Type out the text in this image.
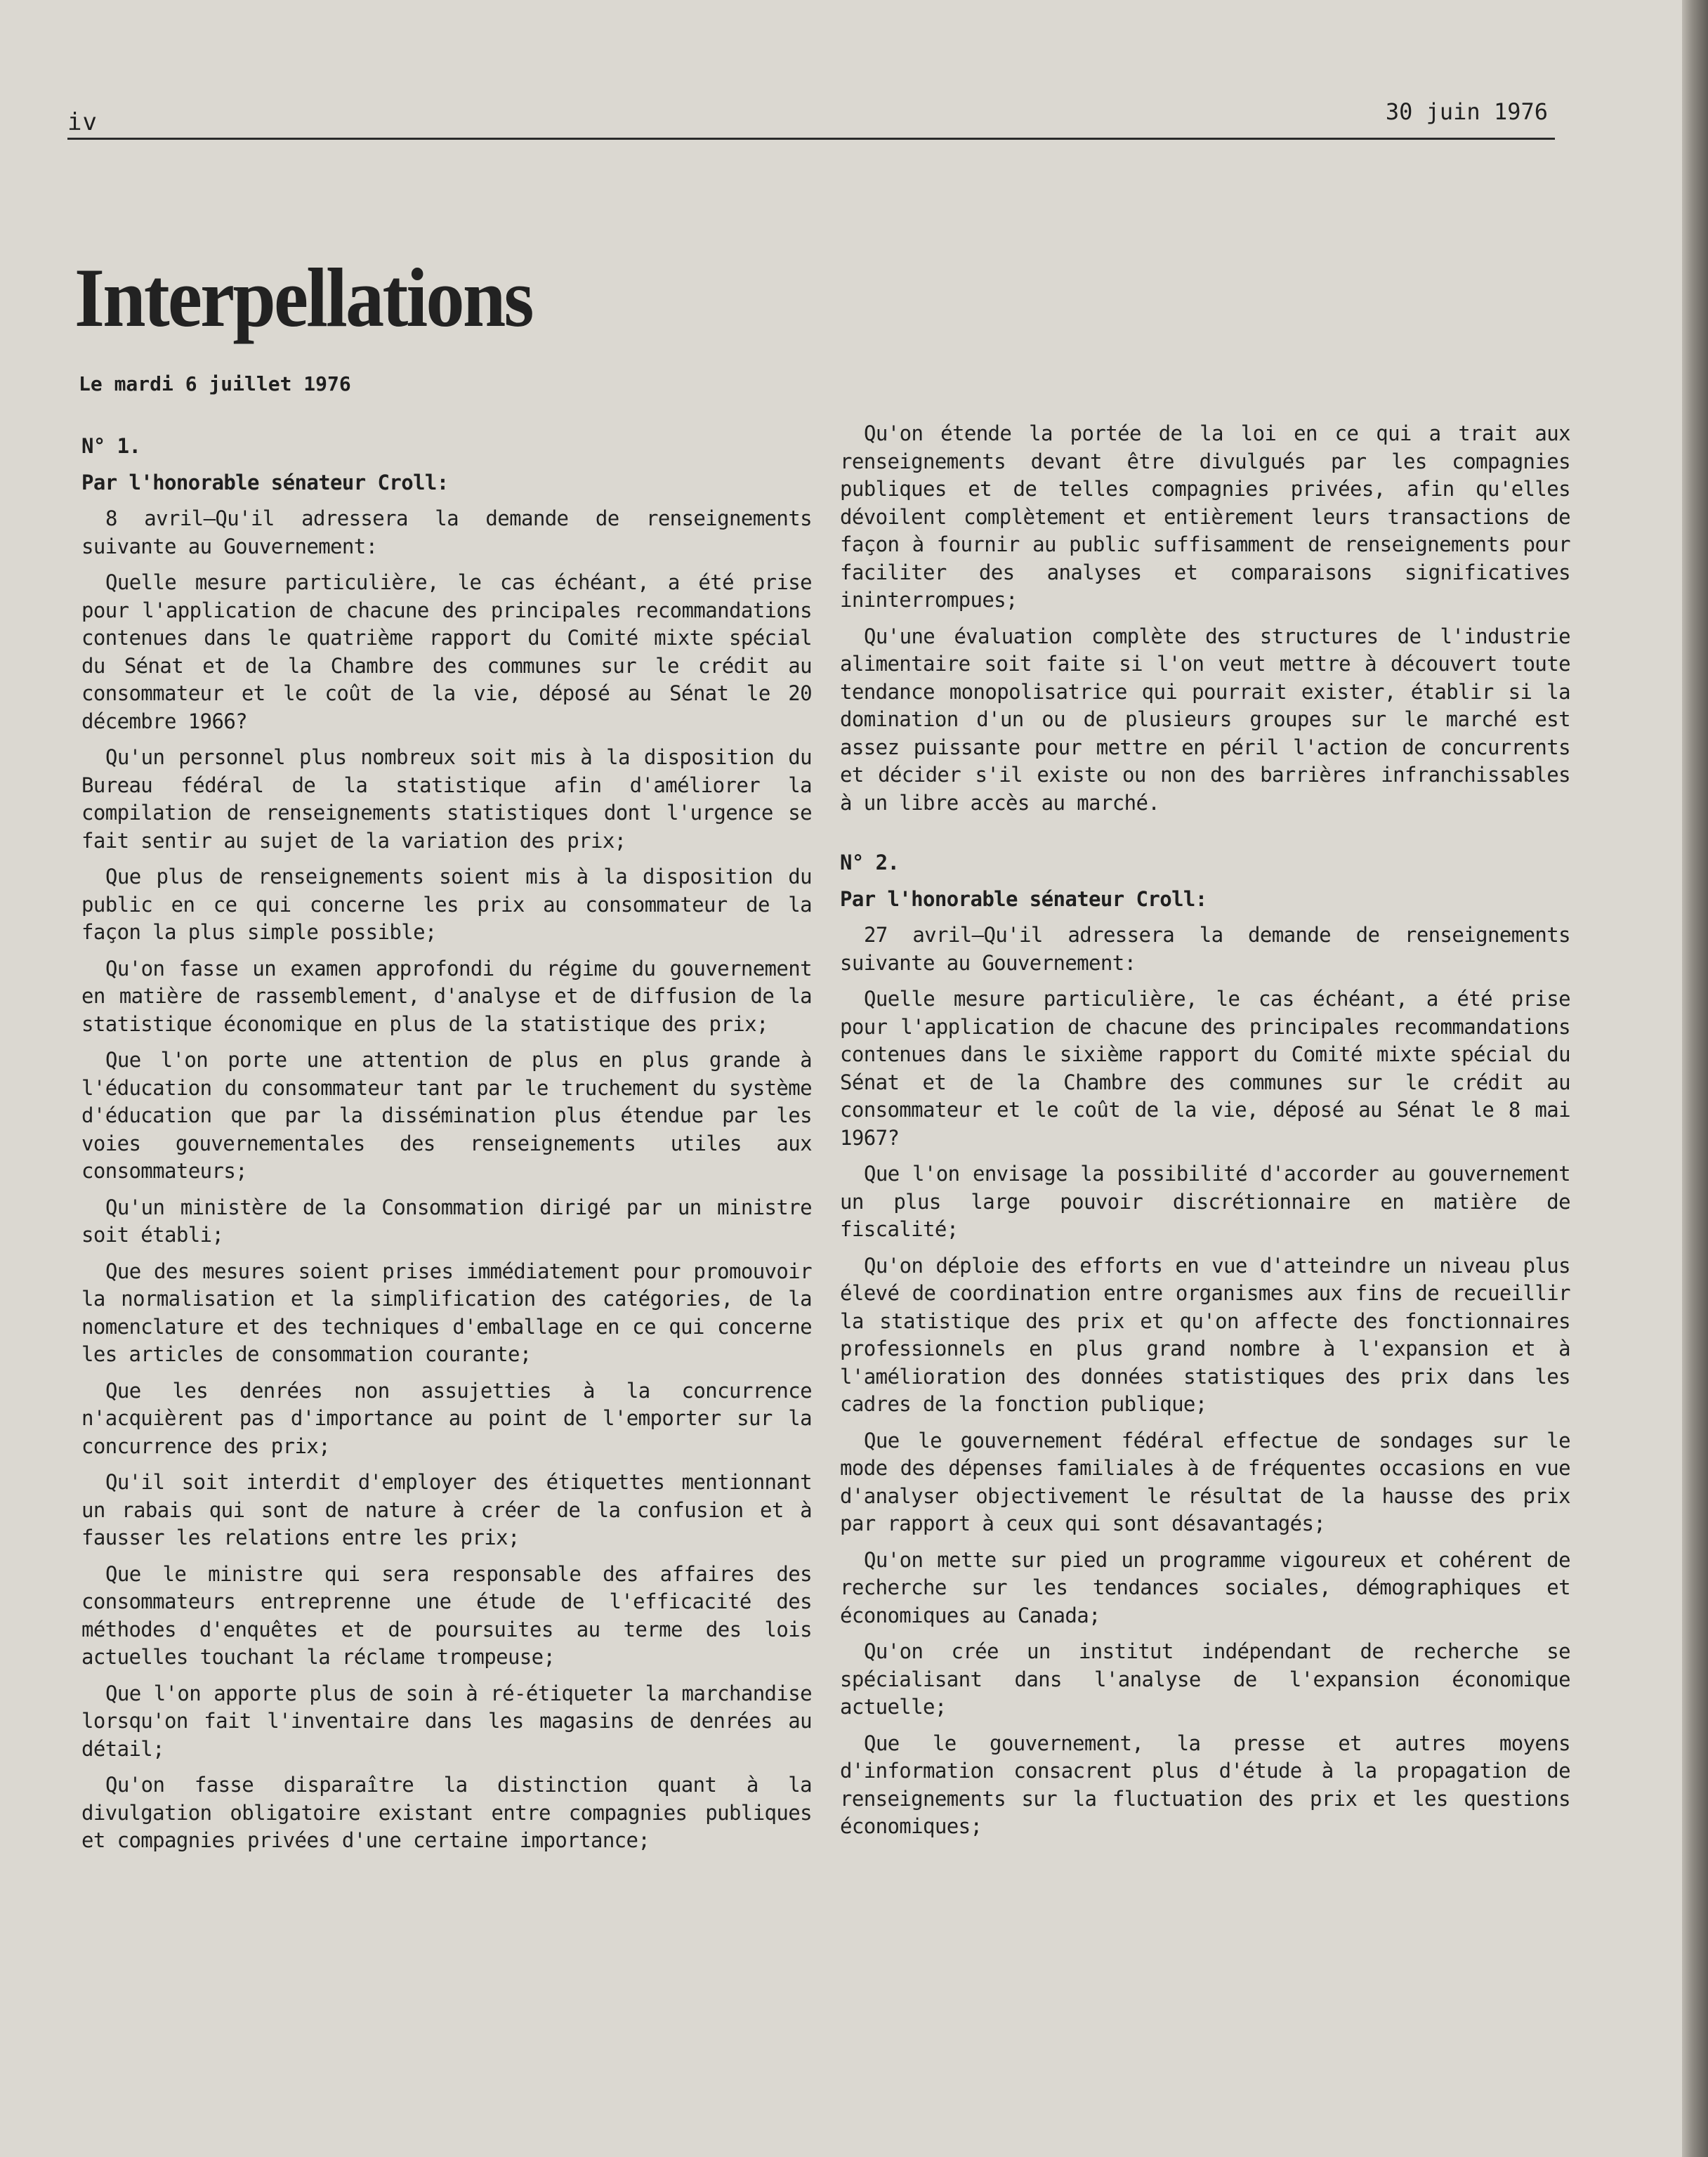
iv	30 juin 1976
Interpellations
Le mardi 6 juillet 1976

N° 1.

Par l'honorable sénateur Croll:

8 avril—Qu'il adressera la demande de renseignements suivante au Gouvernement:

Quelle mesure particulière, le cas échéant, a été prise pour l'application de chacune des principales recommandations contenues dans le quatrième rapport du Comité mixte spécial du Sénat et de la Chambre des communes sur le crédit au consommateur et le coût de la vie, déposé au Sénat le 20 décembre 1966?

Qu'un personnel plus nombreux soit mis à la disposition du Bureau fédéral de la statistique afin d'améliorer la compilation de renseignements statistiques dont l'urgence se fait sentir au sujet de la variation des prix;

Que plus de renseignements soient mis à la disposition du public en ce qui concerne les prix au consommateur de la façon la plus simple possible;

Qu'on fasse un examen approfondi du régime du gouvernement en matière de rassemblement, d'analyse et de diffusion de la statistique économique en plus de la statistique des prix;

Que l'on porte une attention de plus en plus grande à l'éducation du consommateur tant par le truchement du système d'éducation que par la dissémination plus étendue par les voies gouvernementales des renseignements utiles aux consommateurs;

Qu'un ministère de la Consommation dirigé par un ministre soit établi;

Que des mesures soient prises immédiatement pour promouvoir la normalisation et la simplification des catégories, de la nomenclature et des techniques d'emballage en ce qui concerne les articles de consommation courante;

Que les denrées non assujetties à la concurrence n'acquièrent pas d'importance au point de l'emporter sur la concurrence des prix;

Qu'il soit interdit d'employer des étiquettes mentionnant un rabais qui sont de nature à créer de la confusion et à fausser les relations entre les prix;

Que le ministre qui sera responsable des affaires des consommateurs entreprenne une étude de l'efficacité des méthodes d'enquêtes et de poursuites au terme des lois actuelles touchant la réclame trompeuse;

Que l'on apporte plus de soin à ré-étiqueter la marchandise lorsqu'on fait l'inventaire dans les magasins de denrées au détail;

Qu'on fasse disparaître la distinction quant à la divulgation obligatoire existant entre compagnies publiques et compagnies privées d'une certaine importance;

Qu'on étende la portée de la loi en ce qui a trait aux renseignements devant être divulgués par les compagnies publiques et de telles compagnies privées, afin qu'elles dévoilent complètement et entièrement leurs transactions de façon à fournir au public suffisamment de renseignements pour faciliter des analyses et comparaisons significatives ininterrompues;

Qu'une évaluation complète des structures de l'industrie alimentaire soit faite si l'on veut mettre à découvert toute tendance monopolisatrice qui pourrait exister, établir si la domination d'un ou de plusieurs groupes sur le marché est assez puissante pour mettre en péril l'action de concurrents et décider s'il existe ou non des barrières infranchissables à un libre accès au marché.

N° 2.

Par l'honorable sénateur Croll:

27 avril—Qu'il adressera la demande de renseignements suivante au Gouvernement:

Quelle mesure particulière, le cas échéant, a été prise pour l'application de chacune des principales recommandations contenues dans le sixième rapport du Comité mixte spécial du Sénat et de la Chambre des communes sur le crédit au consommateur et le coût de la vie, déposé au Sénat le 8 mai 1967?

Que l'on envisage la possibilité d'accorder au gouvernement un plus large pouvoir discrétionnaire en matière de fiscalité;

Qu'on déploie des efforts en vue d'atteindre un niveau plus élevé de coordination entre organismes aux fins de recueillir la statistique des prix et qu'on affecte des fonctionnaires professionnels en plus grand nombre à l'expansion et à l'amélioration des données statistiques des prix dans les cadres de la fonction publique;

Que le gouvernement fédéral effectue de sondages sur le mode des dépenses familiales à de fréquentes occasions en vue d'analyser objectivement le résultat de la hausse des prix par rapport à ceux qui sont désavantagés;

Qu'on mette sur pied un programme vigoureux et cohérent de recherche sur les tendances sociales, démographiques et économiques au Canada;

Qu'on crée un institut indépendant de recherche se spécialisant dans l'analyse de l'expansion économique actuelle;

Que le gouvernement, la presse et autres moyens d'information consacrent plus d'étude à la propagation de renseignements sur la fluctuation des prix et les questions économiques;
